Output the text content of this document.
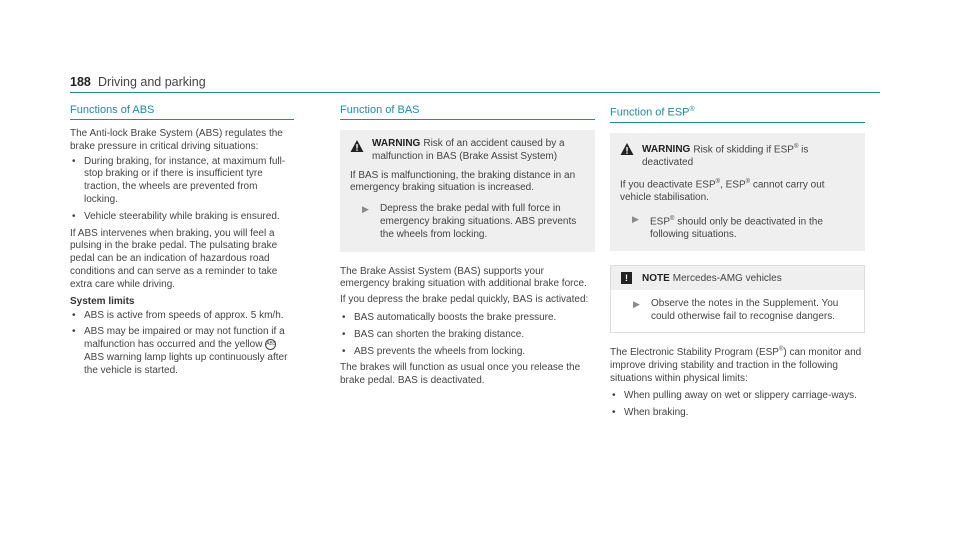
188 Driving and parking
Functions of ABS

The Anti-lock Brake System (ABS) regulates the brake pressure in critical driving situations:

• During braking, for instance, at maximum full-stop braking or if there is insufficient tyre traction, the wheels are prevented from locking.
• Vehicle steerability while braking is ensured.

If ABS intervenes when braking, you will feel a pulsing in the brake pedal. The pulsating brake pedal can be an indication of hazardous road conditions and can serve as a reminder to take extra care while driving.

System limits
• ABS is active from speeds of approx. 5 km/h.
• ABS may be impaired or may not function if a malfunction has occurred and the yellow ABS ABS warning lamp lights up continuously after the vehicle is started.
Function of BAS
WARNING Risk of an accident caused by a malfunction in BAS (Brake Assist System)
If BAS is malfunctioning, the braking distance in an emergency braking situation is increased.
▶	Depress the brake pedal with full force in emergency braking situations. ABS prevents the wheels from locking.

The Brake Assist System (BAS) supports your emergency braking situation with additional brake force.

If you depress the brake pedal quickly, BAS is activated:

• BAS automatically boosts the brake pressure.
• BAS can shorten the braking distance.
• ABS prevents the wheels from locking.

The brakes will function as usual once you release the brake pedal. BAS is deactivated.

Function of ESP®
WARNING Risk of skidding if ESP® is deactivated
If you deactivate ESP®, ESP® cannot carry out vehicle stabilisation.
▶	ESP® should only be deactivated in the following situations.
!	NOTE Mercedes-AMG vehicles
▶	Observe the notes in the Supplement. You could otherwise fail to recognise dangers.

The Electronic Stability Program (ESP®) can monitor and improve driving stability and traction in the following situations within physical limits:

• When pulling away on wet or slippery carriage-ways.
• When braking.
